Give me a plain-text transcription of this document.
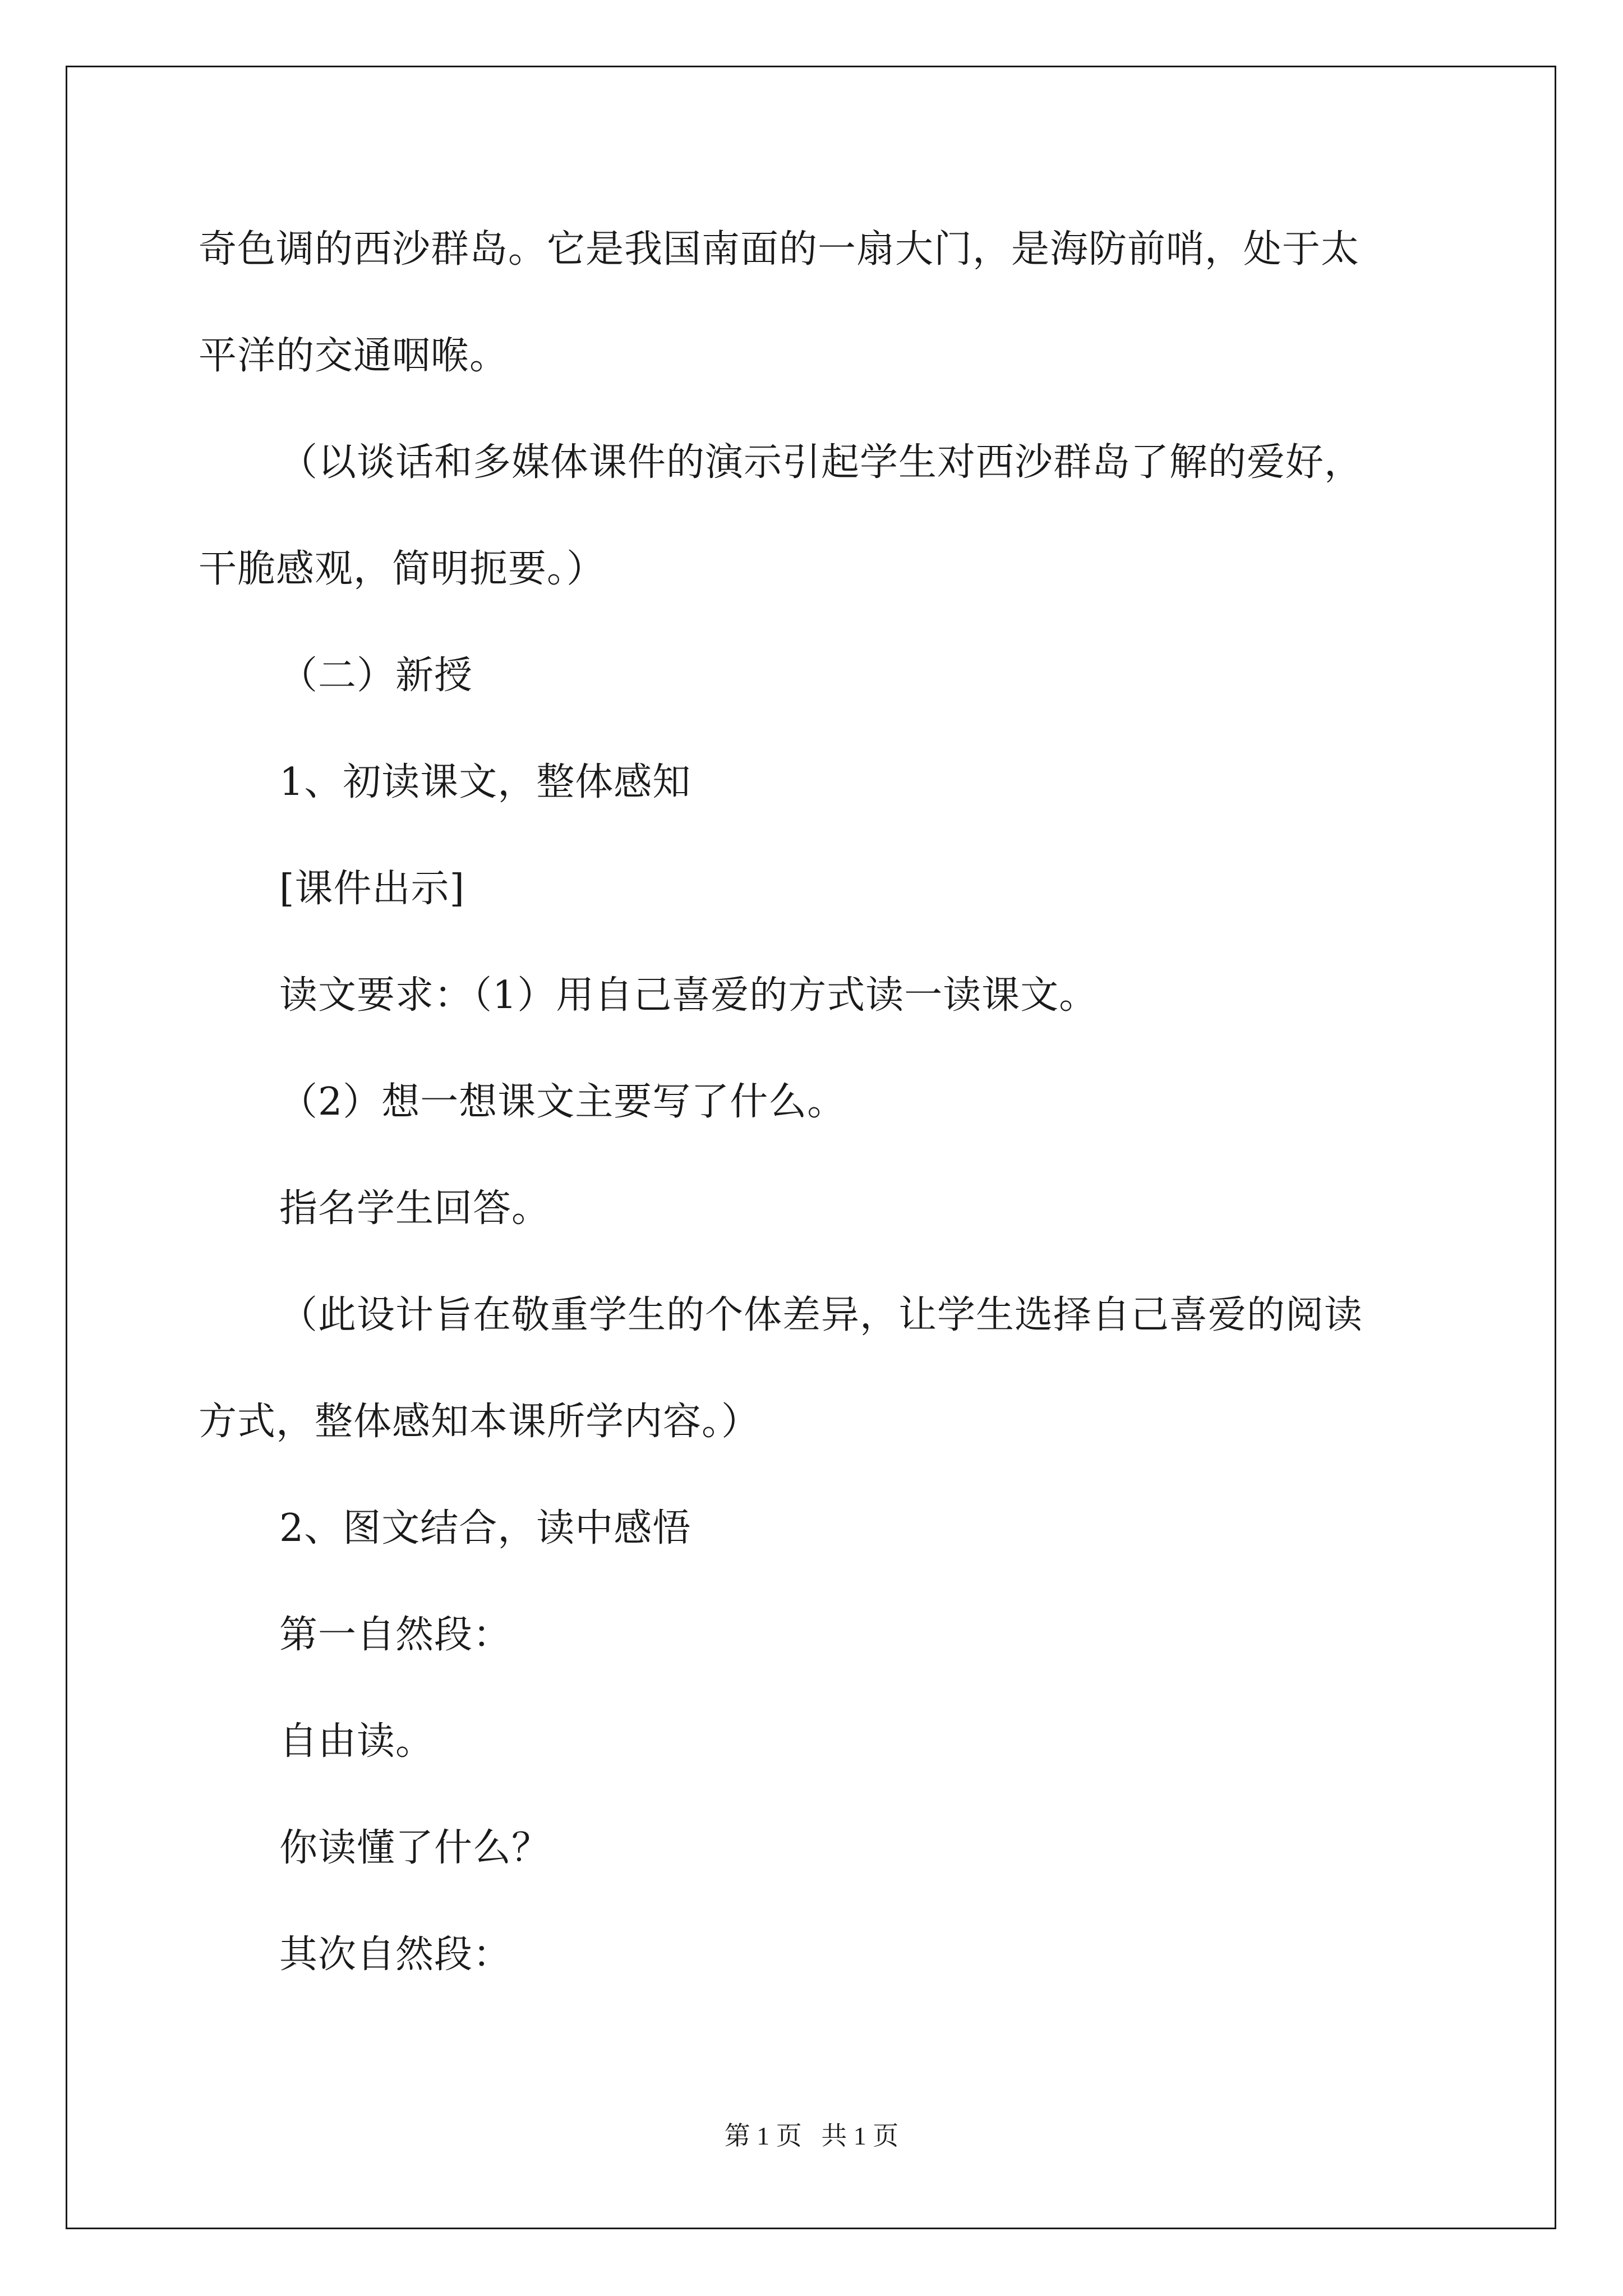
奇色调的西沙群岛。它是我国南面的一扇大门，是海防前哨，处于太
平洋的交通咽喉。
（以谈话和多媒体课件的演示引起学生对西沙群岛了解的爱好，
干脆感观，简明扼要。）
（二）新授
1、初读课文，整体感知
[课件出示]
读文要求：（1）用自己喜爱的方式读一读课文。
（2）想一想课文主要写了什么。
指名学生回答。
（此设计旨在敬重学生的个体差异，让学生选择自己喜爱的阅读
方式，整体感知本课所学内容。）
2、图文结合，读中感悟
第一自然段：
自由读。
你读懂了什么？
其次自然段：
第 1 页   共 1 页
